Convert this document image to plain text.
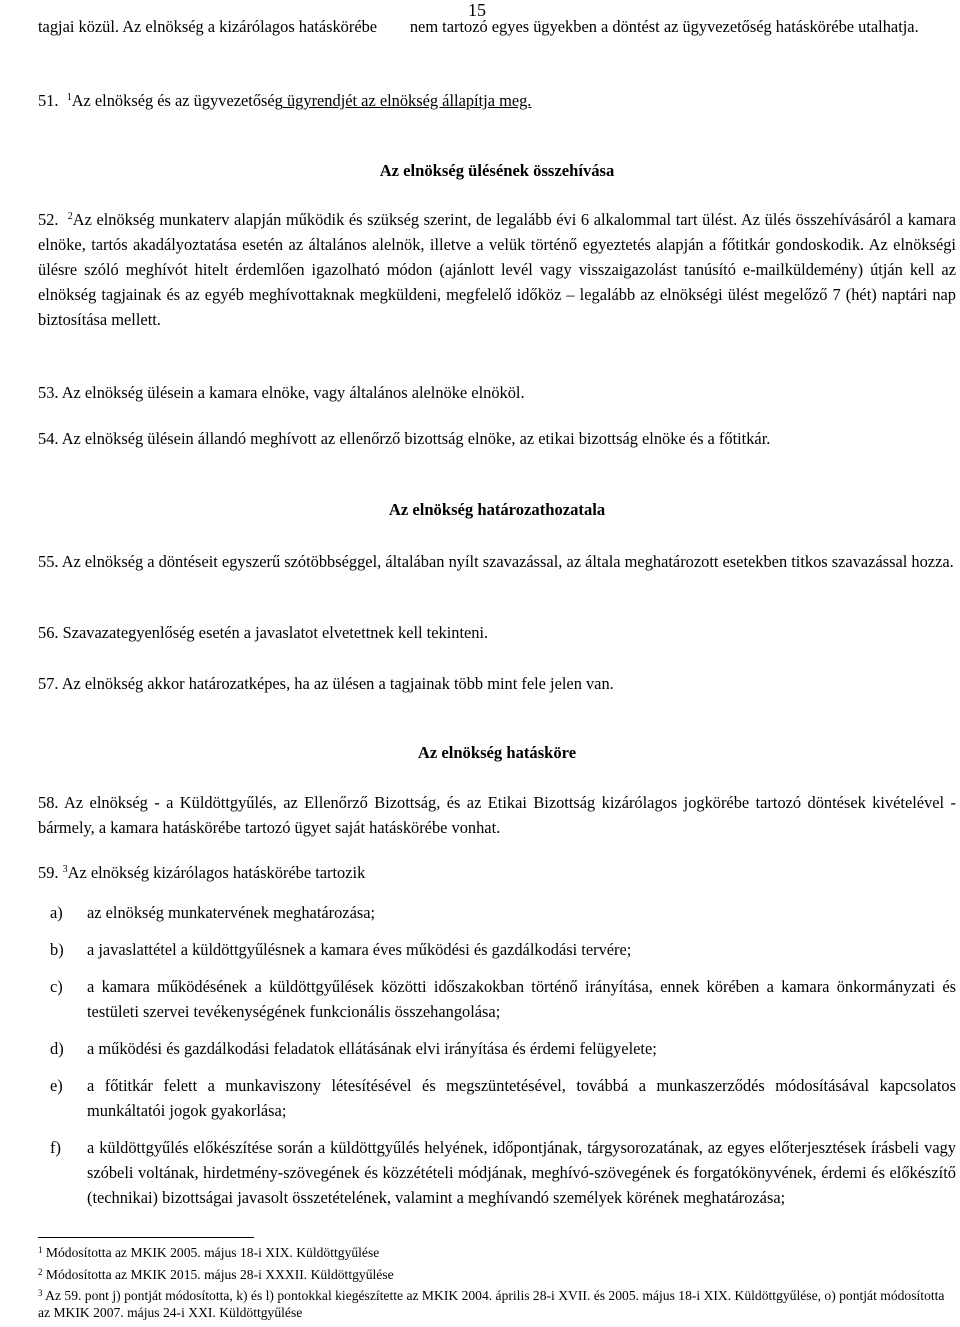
15

tagjai közül. Az elnökség a kizárólagos hatáskörébe nem tartozó egyes ügyekben a döntést az ügyvezetőség hatáskörébe utalhatja.

51. $^1$Az elnökség és az ügyvezetőség ügyrendjét az elnökség állapítja meg.

Az elnökség ülésének összehívása

52. $^2$Az elnökség munkaterv alapján működik és szükség szerint, de legalább évi 6 alkalommal tart ülést. Az ülés összehívásáról a kamara elnöke, tartós akadályoztatása esetén az általános alelnök, illetve a velük történő egyeztetés alapján a főtitkár gondoskodik. Az elnökségi ülésre szóló meghívót hitelt érdemlően igazolható módon (ajánlott levél vagy visszaigazolást tanúsító e-mailküldemény) útján kell az elnökség tagjainak és az egyéb meghívottaknak megküldeni, megfelelő időköz – legalább az elnökségi ülést megelőző 7 (hét) naptári nap biztosítása mellett.

53. Az elnökség ülésein a kamara elnöke, vagy általános alelnöke elnököl.

54. Az elnökség ülésein állandó meghívott az ellenőrző bizottság elnöke, az etikai bizottság elnöke és a főtitkár.

Az elnökség határozathozatala

55. Az elnökség a döntéseit egyszerű szótöbbséggel, általában nyílt szavazással, az általa meghatározott esetekben titkos szavazással hozza.

56. Szavazategyenlőség esetén a javaslatot elvetettnek kell tekinteni.

57. Az elnökség akkor határozatképes, ha az ülésen a tagjainak több mint fele jelen van.

Az elnökség hatásköre

58. Az elnökség - a Küldöttgyűlés, az Ellenőrző Bizottság, és az Etikai Bizottság kizárólagos jogkörébe tartozó döntések kivételével - bármely, a kamara hatáskörébe tartozó ügyet saját hatáskörébe vonhat.

59. $^3$Az elnökség kizárólagos hatáskörébe tartozik

a) az elnökség munkatervének meghatározása;
b) a javaslattétel a küldöttgyűlésnek a kamara éves működési és gazdálkodási tervére;
c) a kamara működésének a küldöttgyűlések közötti időszakokban történő irányítása, ennek körében a kamara önkormányzati és testületi szervei tevékenységének funkcionális összehangolása;
d) a működési és gazdálkodási feladatok ellátásának elvi irányítása és érdemi felügyelete;
e) a főtitkár felett a munkaviszony létesítésével és megszüntetésével, továbbá a munkaszerződés módosításával kapcsolatos munkáltatói jogok gyakorlása;
f) a küldöttgyűlés előkészítése során a küldöttgyűlés helyének, időpontjának, tárgysorozatának, az egyes előterjesztések írásbeli vagy szóbeli voltának, hirdetmény-szövegének és közzétételi módjának, meghívó-szövegének és forgatókönyvének, érdemi és előkészítő (technikai) bizottságai javasolt összetételének, valamint a meghívandó személyek körének meghatározása;
$^1$ Módosította az MKIK 2005. május 18-i XIX. Küldöttgyűlése
$^2$ Módosította az MKIK 2015. május 28-i XXXII. Küldöttgyűlése
$^3$ Az 59. pont j) pontját módosította, k) és l) pontokkal kiegészítette az MKIK 2004. április 28-i XVII. és 2005. május 18-i XIX. Küldöttgyűlése, o) pontját módosította az MKIK 2007. május 24-i XXI. Küldöttgyűlése
